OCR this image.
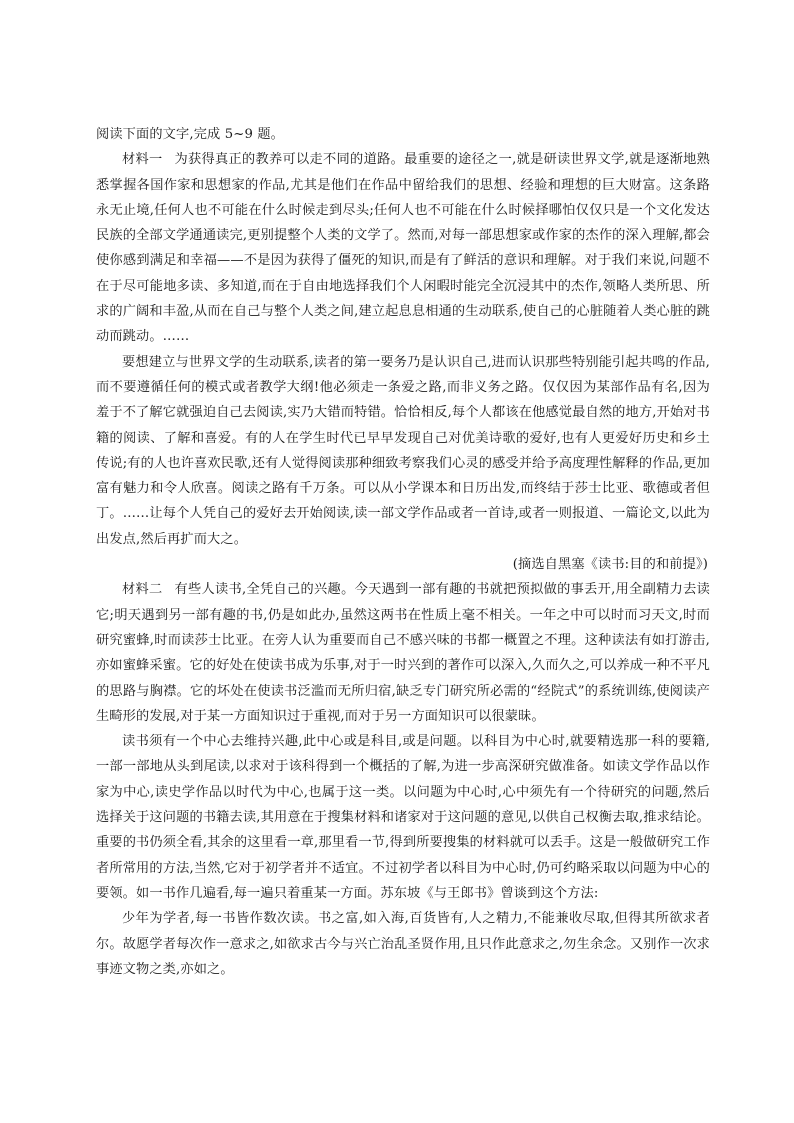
阅读下面的文字,完成 5~9 题。

材料一 为获得真正的教养可以走不同的道路。最重要的途径之一,就是研读世界文学,就是逐渐地熟悉掌握各国作家和思想家的作品,尤其是他们在作品中留给我们的思想、经验和理想的巨大财富。这条路永无止境,任何人也不可能在什么时候走到尽头;任何人也不可能在什么时候择哪怕仅仅只是一个文化发达民族的全部文学通通读完,更别提整个人类的文学了。然而,对每一部思想家或作家的杰作的深入理解,都会使你感到满足和幸福——不是因为获得了僵死的知识,而是有了鲜活的意识和理解。对于我们来说,问题不在于尽可能地多读、多知道,而在于自由地选择我们个人闲暇时能完全沉浸其中的杰作,领略人类所思、所求的广阔和丰盈,从而在自己与整个人类之间,建立起息息相通的生动联系,使自己的心脏随着人类心脏的跳动而跳动。……

要想建立与世界文学的生动联系,读者的第一要务乃是认识自己,进而认识那些特别能引起共鸣的作品,而不要遵循任何的模式或者教学大纲!他必须走一条爱之路,而非义务之路。仅仅因为某部作品有名,因为羞于不了解它就强迫自己去阅读,实乃大错而特错。恰恰相反,每个人都该在他感觉最自然的地方,开始对书籍的阅读、了解和喜爱。有的人在学生时代已早早发现自己对优美诗歌的爱好,也有人更爱好历史和乡土传说;有的人也许喜欢民歌,还有人觉得阅读那种细致考察我们心灵的感受并给予高度理性解释的作品,更加富有魅力和令人欣喜。阅读之路有千万条。可以从小学课本和日历出发,而终结于莎士比亚、歌德或者但丁。……让每个人凭自己的爱好去开始阅读,读一部文学作品或者一首诗,或者一则报道、一篇论文,以此为出发点,然后再扩而大之。

(摘选自黑塞《读书:目的和前提》)

材料二 有些人读书,全凭自己的兴趣。今天遇到一部有趣的书就把预拟做的事丢开,用全副精力去读它;明天遇到另一部有趣的书,仍是如此办,虽然这两书在性质上毫不相关。一年之中可以时而习天文,时而研究蜜蜂,时而读莎士比亚。在旁人认为重要而自己不感兴味的书都一概置之不理。这种读法有如打游击,亦如蜜蜂采蜜。它的好处在使读书成为乐事,对于一时兴到的著作可以深入,久而久之,可以养成一种不平凡的思路与胸襟。它的坏处在使读书泛滥而无所归宿,缺乏专门研究所必需的“经院式”的系统训练,使阅读产生畸形的发展,对于某一方面知识过于重视,而对于另一方面知识可以很蒙昧。

读书须有一个中心去维持兴趣,此中心或是科目,或是问题。以科目为中心时,就要精选那一科的要籍,一部一部地从头到尾读,以求对于该科得到一个概括的了解,为进一步高深研究做准备。如读文学作品以作家为中心,读史学作品以时代为中心,也属于这一类。以问题为中心时,心中须先有一个待研究的问题,然后选择关于这问题的书籍去读,其用意在于搜集材料和诸家对于这问题的意见,以供自己权衡去取,推求结论。重要的书仍须全看,其余的这里看一章,那里看一节,得到所要搜集的材料就可以丢手。这是一般做研究工作者所常用的方法,当然,它对于初学者并不适宜。不过初学者以科目为中心时,仍可约略采取以问题为中心的要领。如一书作几遍看,每一遍只着重某一方面。苏东坡《与王郎书》曾谈到这个方法:

少年为学者,每一书皆作数次读。书之富,如入海,百货皆有,人之精力,不能兼收尽取,但得其所欲求者尔。故愿学者每次作一意求之,如欲求古今与兴亡治乱圣贤作用,且只作此意求之,勿生余念。又别作一次求事迹文物之类,亦如之。
